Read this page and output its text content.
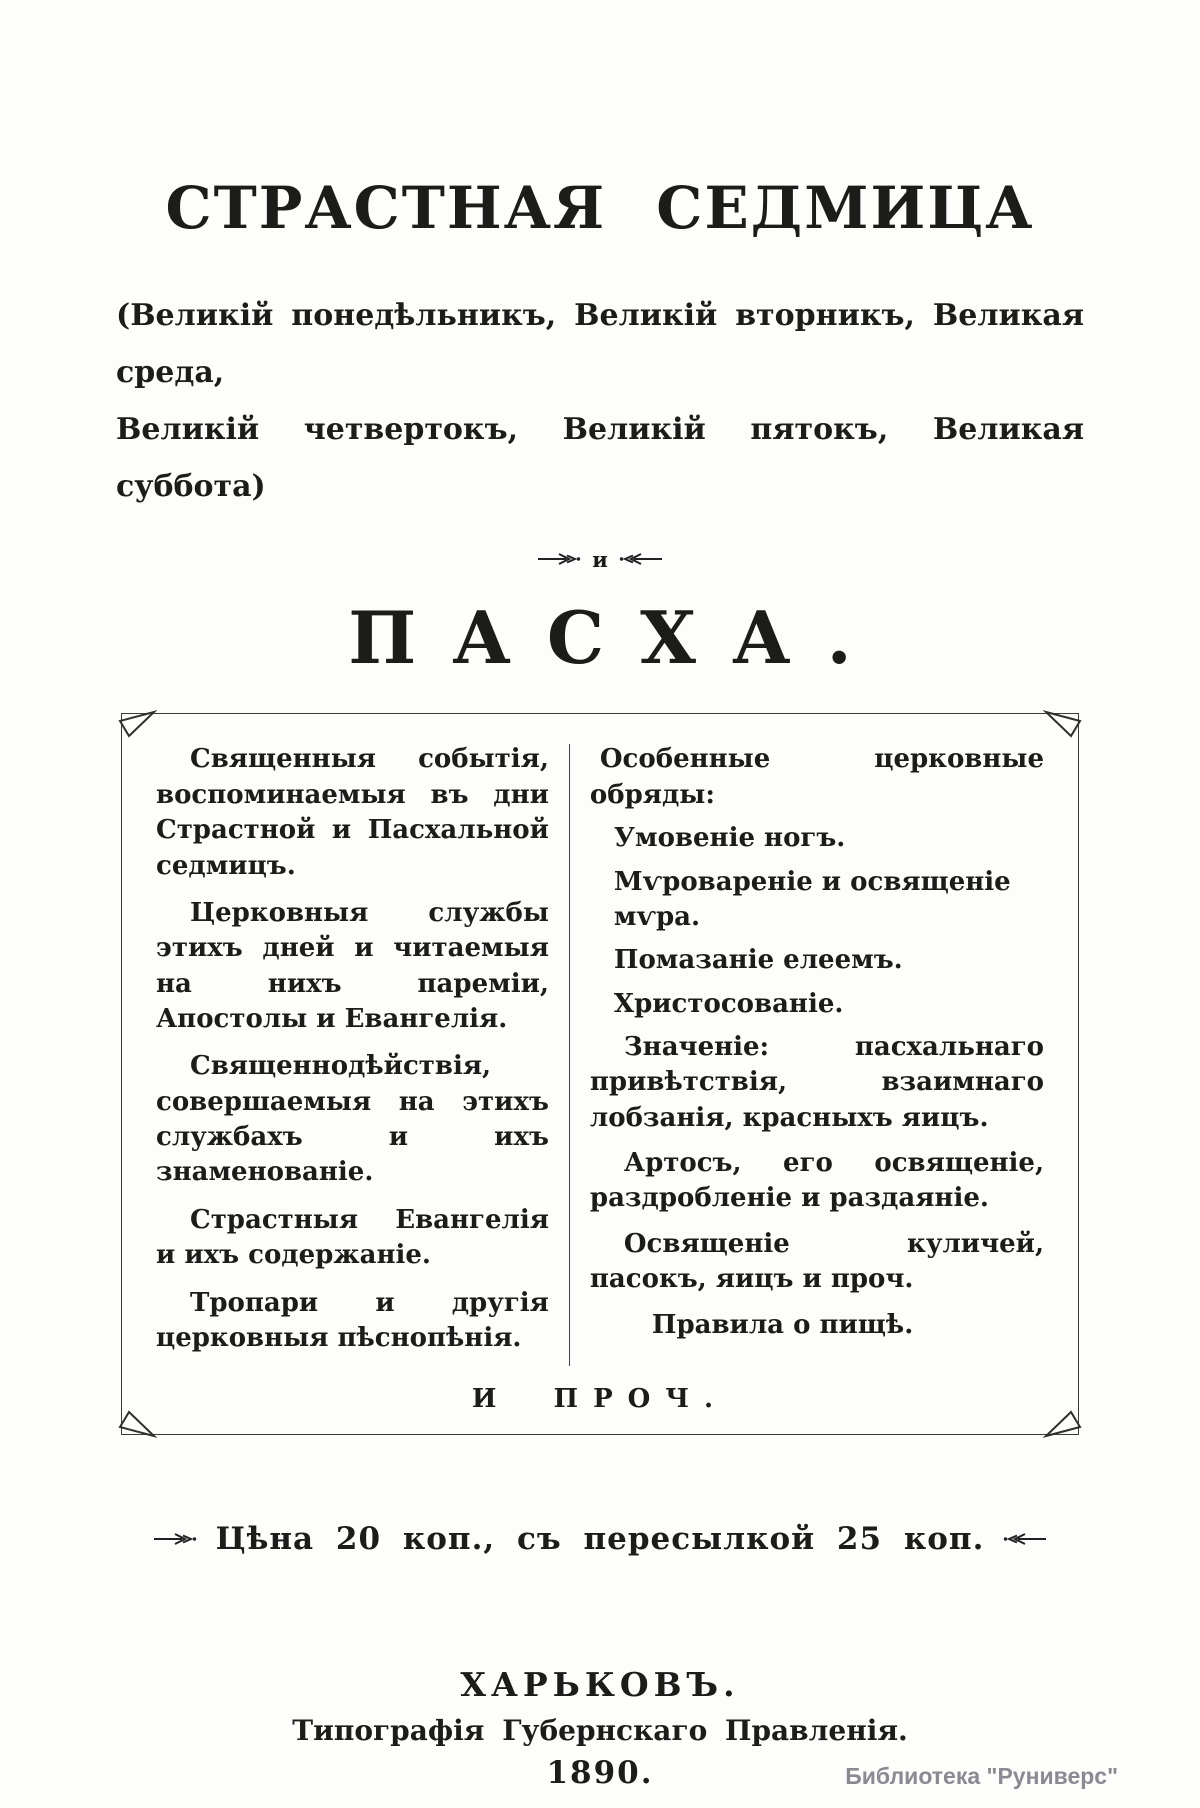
СТРАСТНАЯ СЕДМИЦА
(Великій понедѣльникъ, Великій вторникъ, Великая среда,
Великій четвертокъ, Великій пятокъ, Великая суббота)
и
ПАСХА.

Священныя событія, воспоминаемыя въ дни Страстной и Пасхальной седмицъ.

Церковныя службы этихъ дней и читаемыя на нихъ пареміи, Апостолы и Евангелія.

Священнодѣйствія, совершаемыя на этихъ службахъ и ихъ знаменованіе.

Страстныя Евангелія и ихъ содержаніе.

Тропари и другія церковныя пѣснопѣнія.

Особенные церковные обряды:

Умовеніе ногъ.

Мѵровареніе и освященіе мѵра.

Помазаніе елеемъ.

Христосованіе.

Значеніе: пасхальнаго привѣтствія, взаимнаго лобзанія, красныхъ яицъ.

Артосъ, его освященіе, раздробленіе и раздаяніе.

Освященіе куличей, пасокъ, яицъ и проч.

Правила о пищѣ.

И ПРОЧ.
Цѣна 20 коп., съ пересылкой 25 коп.
ХАРЬКОВЪ.
Типографія Губернскаго Правленія.
1890.	Библиотека "Руниверс"
